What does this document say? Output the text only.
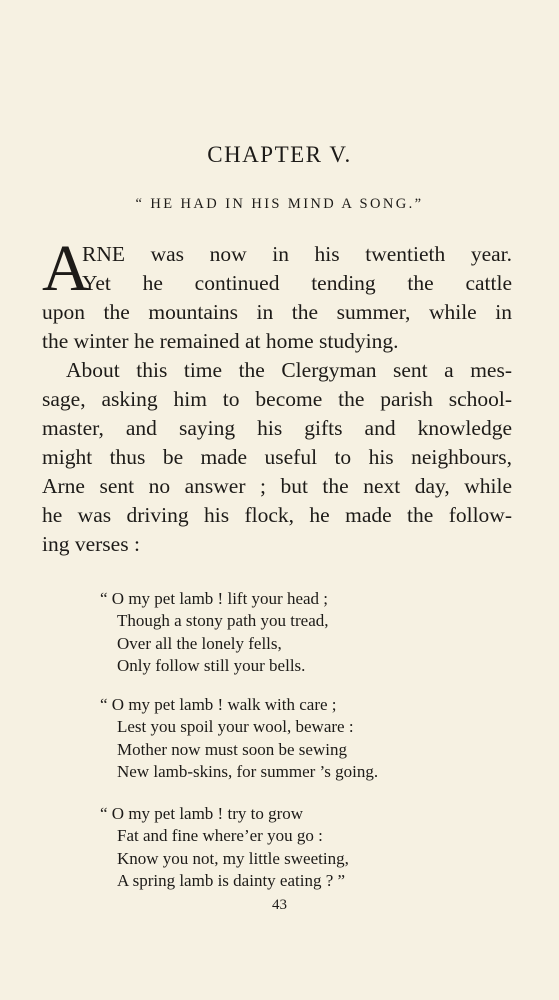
CHAPTER V.
“ HE HAD IN HIS MIND A SONG.”
A
RNE was now in his twentieth year.
Yet he continued tending the cattle
upon the mountains in the summer, while in
the winter he remained at home studying.
About this time the Clergyman sent a mes-
sage, asking him to become the parish school-
master, and saying his gifts and knowledge
might thus be made useful to his neighbours,
Arne sent no answer ; but the next day, while
he was driving his flock, he made the follow-
ing verses :
“ O my pet lamb ! lift your head ;
Though a stony path you tread,
Over all the lonely fells,
Only follow still your bells.
“ O my pet lamb ! walk with care ;
Lest you spoil your wool, beware :
Mother now must soon be sewing
New lamb-skins, for summer ’s going.
“ O my pet lamb ! try to grow
Fat and fine where’er you go :
Know you not, my little sweeting,
A spring lamb is dainty eating ? ”
43
